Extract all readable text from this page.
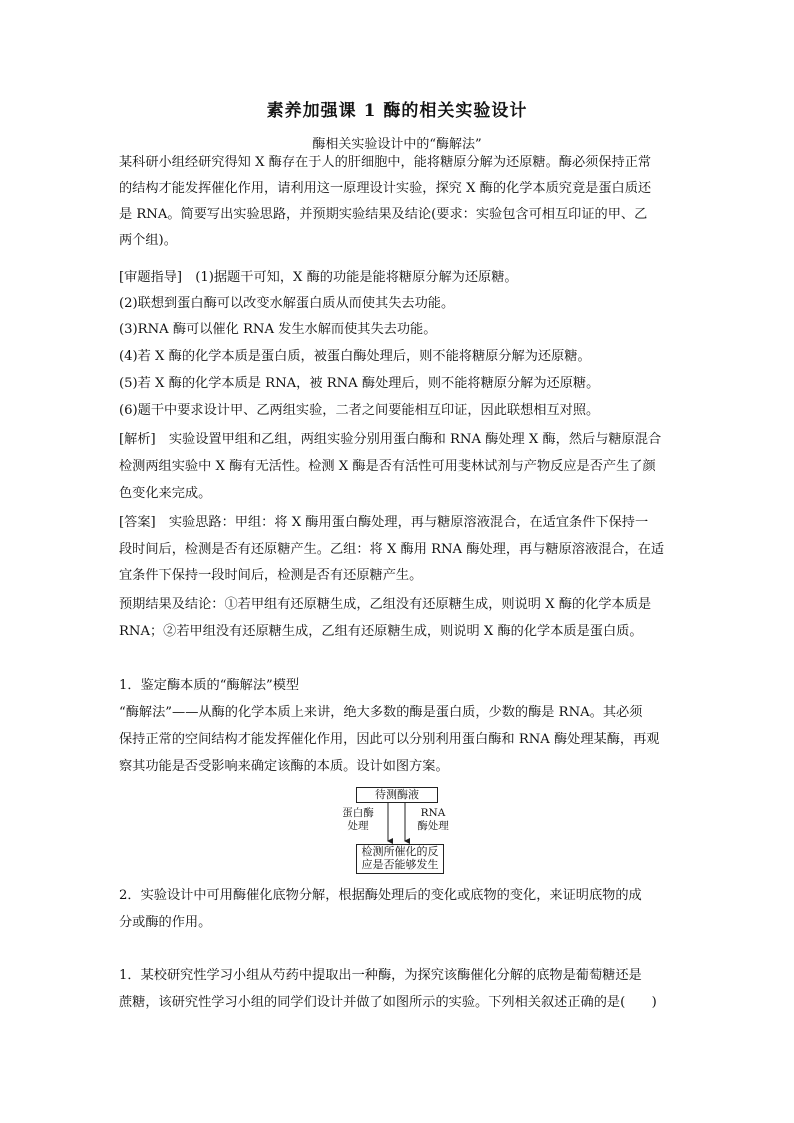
素养加强课 1 酶的相关实验设计
酶相关实验设计中的“酶解法”
某科研小组经研究得知 X 酶存在于人的肝细胞中，能将糖原分解为还原糖。酶必须保持正常
的结构才能发挥催化作用，请利用这一原理设计实验，探究 X 酶的化学本质究竟是蛋白质还
是 RNA。简要写出实验思路，并预期实验结果及结论(要求：实验包含可相互印证的甲、乙
两个组)。
[审题指导]　(1)据题干可知，X 酶的功能是能将糖原分解为还原糖。
(2)联想到蛋白酶可以改变水解蛋白质从而使其失去功能。
(3)RNA 酶可以催化 RNA 发生水解而使其失去功能。
(4)若 X 酶的化学本质是蛋白质，被蛋白酶处理后，则不能将糖原分解为还原糖。
(5)若 X 酶的化学本质是 RNA，被 RNA 酶处理后，则不能将糖原分解为还原糖。
(6)题干中要求设计甲、乙两组实验，二者之间要能相互印证，因此联想相互对照。
[解析]　实验设置甲组和乙组，两组实验分别用蛋白酶和 RNA 酶处理 X 酶，然后与糖原混合
检测两组实验中 X 酶有无活性。检测 X 酶是否有活性可用斐林试剂与产物反应是否产生了颜
色变化来完成。
[答案]　实验思路：甲组：将 X 酶用蛋白酶处理，再与糖原溶液混合，在适宜条件下保持一
段时间后，检测是否有还原糖产生。乙组：将 X 酶用 RNA 酶处理，再与糖原溶液混合，在适
宜条件下保持一段时间后，检测是否有还原糖产生。
预期结果及结论：①若甲组有还原糖生成，乙组没有还原糖生成，则说明 X 酶的化学本质是
RNA；②若甲组没有还原糖生成，乙组有还原糖生成，则说明 X 酶的化学本质是蛋白质。
1．鉴定酶本质的“酶解法”模型
“酶解法”——从酶的化学本质上来讲，绝大多数的酶是蛋白质，少数的酶是 RNA。其必须
保持正常的空间结构才能发挥催化作用，因此可以分别利用蛋白酶和 RNA 酶处理某酶，再观
察其功能是否受影响来确定该酶的本质。设计如图方案。
待测酶液
蛋白酶
处理
RNA
酶处理
检测所催化的反
应是否能够发生
2．实验设计中可用酶催化底物分解，根据酶处理后的变化或底物的变化，来证明底物的成
分或酶的作用。
1．某校研究性学习小组从芍药中提取出一种酶，为探究该酶催化分解的底物是葡萄糖还是
蔗糖，该研究性学习小组的同学们设计并做了如图所示的实验。下列相关叙述正确的是(　　)
